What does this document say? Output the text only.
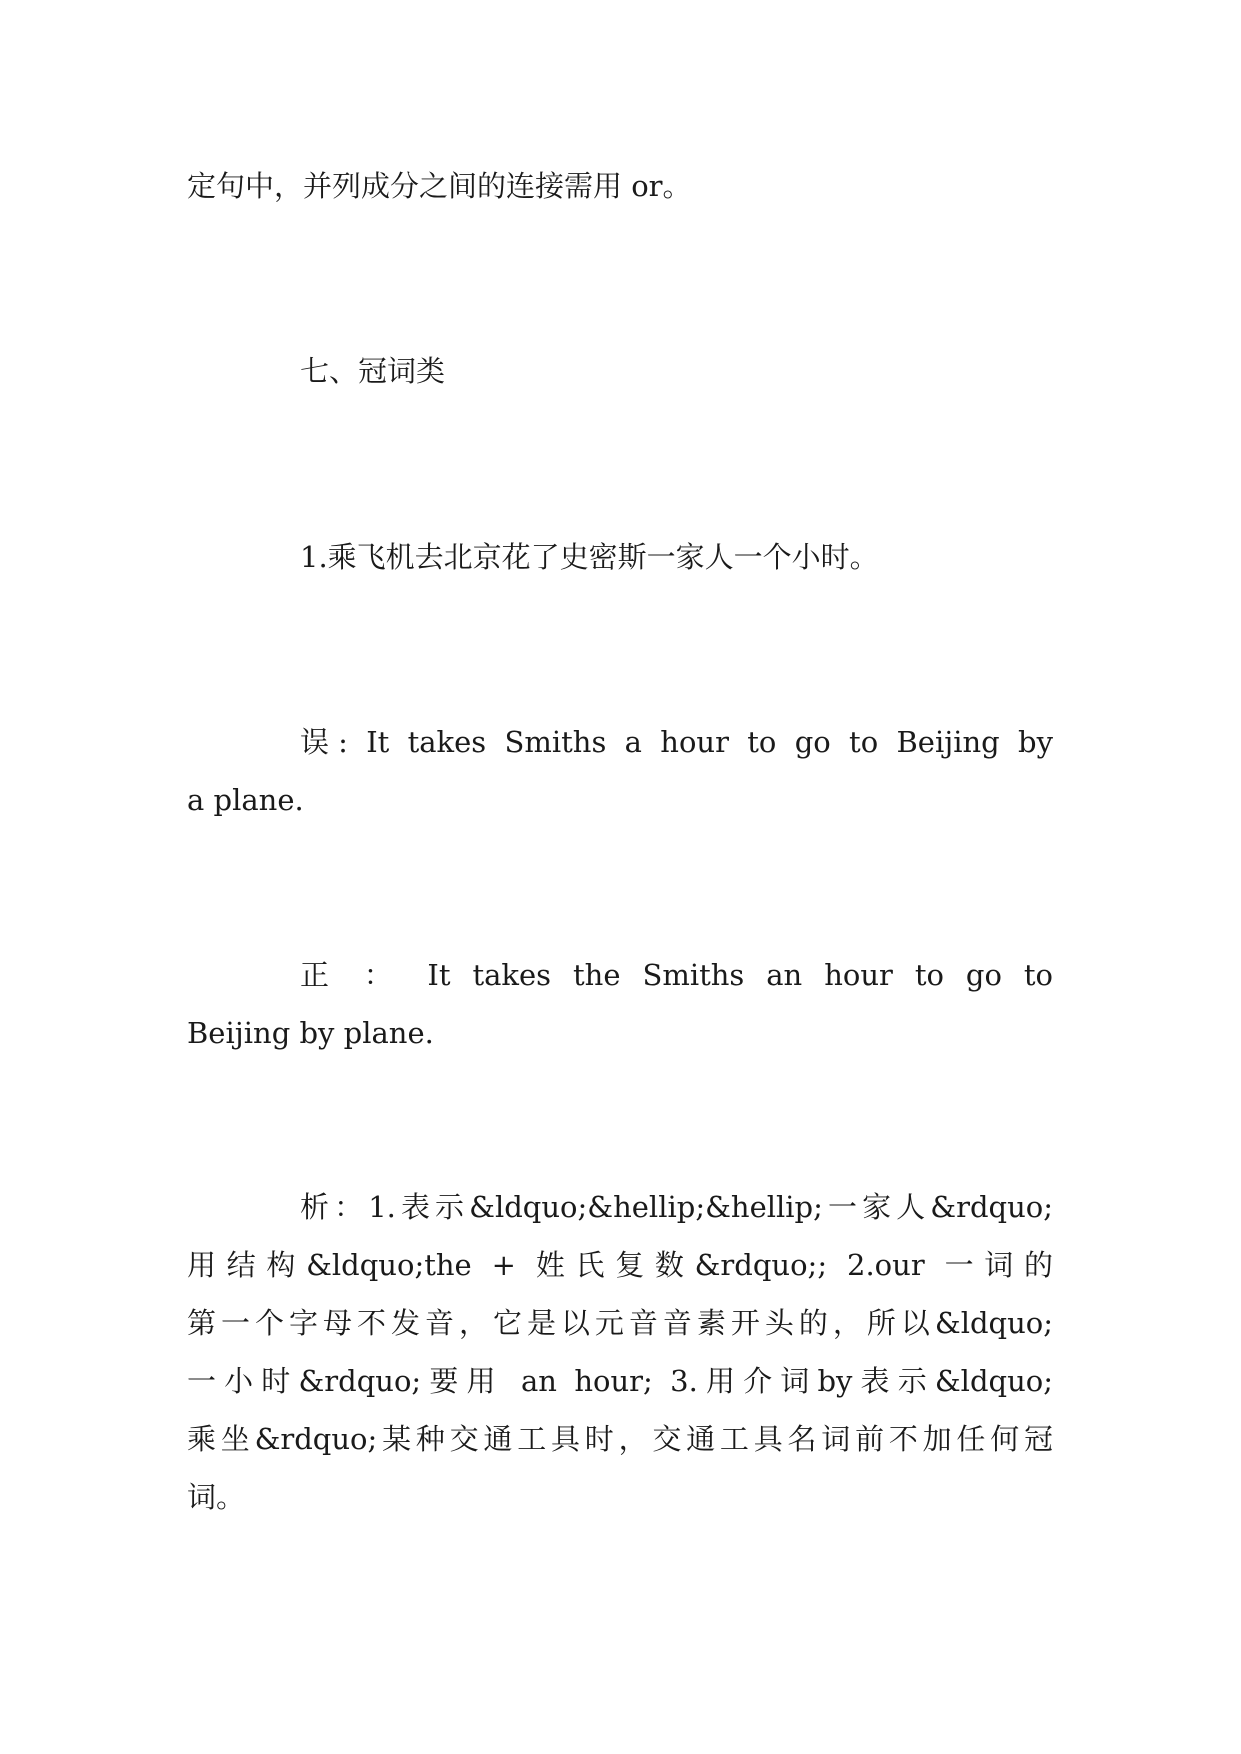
定句中，并列成分之间的连接需用 or。

七、冠词类

1.乘飞机去北京花了史密斯一家人一个小时。

误: It takes Smiths a hour to go to Beijing by

a plane.

正 ： It takes the Smiths an hour to go to

Beijing by plane.

析：1.表示&ldquo;&hellip;&hellip;一家人&rdquo;

用结构&ldquo;the + 姓氏复数&rdquo;; 2.our 一词的

第一个字母不发音，它是以元音音素开头的，所以&ldquo;

一小时&rdquo;要用 an hour; 3.用介词by表示&ldquo;

乘坐&rdquo;某种交通工具时，交通工具名词前不加任何冠

词。
